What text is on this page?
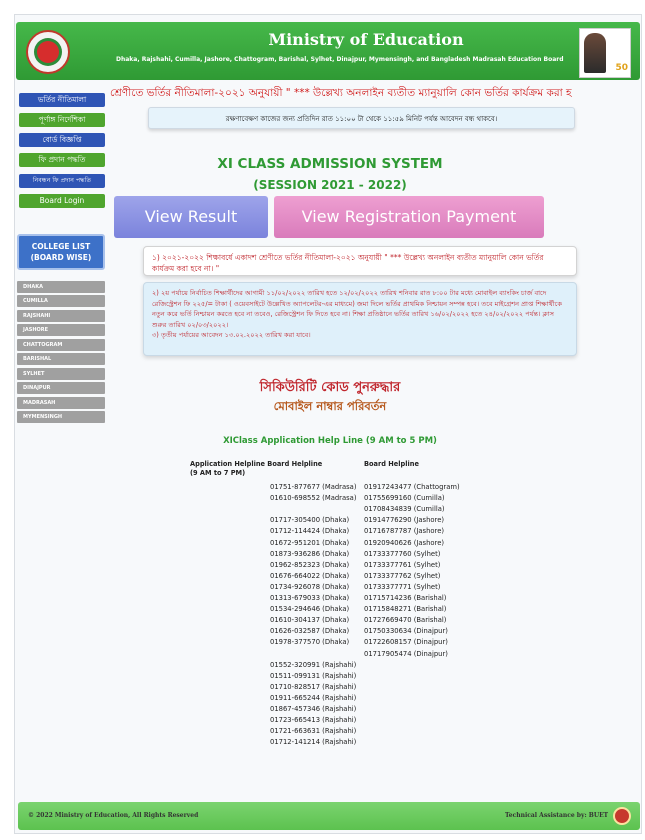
Ministry of Education
Dhaka, Rajshahi, Cumilla, Jashore, Chattogram, Barishal, Sylhet, Dinajpur, Mymensingh, and Bangladesh Madrasah Education Board
50
শ্রেণীতে ভর্তির নীতিমালা-২০২১ অনুযায়ী " *** উল্লেখ্য অনলাইন ব্যতীত ম্যানুয়ালি কোন ভর্তির কার্যক্রম করা হ
ভর্তির নীতিমালা
পূর্ণাঙ্গ নির্দেশিকা
বোর্ড বিজ্ঞপ্তি
ফি প্রদান পদ্ধতি
নিবন্ধন ফি প্রদান পদ্ধতি
Board Login
COLLEGE LIST
(BOARD WISE)
DHAKA
CUMILLA
RAJSHAHI
JASHORE
CHATTOGRAM
BARISHAL
SYLHET
DINAJPUR
MADRASAH
MYMENSINGH
রক্ষণাবেক্ষণ কাজের জন্য প্রতিদিন রাত ১১:০০ টা থেকে ১১:৫৯ মিনিট পর্যন্ত আবেদন বন্ধ থাকবে।
XI CLASS ADMISSION SYSTEM
(SESSION 2021 - 2022)
View Result	View Registration Payment
১) ২০২১-২০২২ শিক্ষাবর্ষে একাদশ শ্রেণীতে ভর্তির নীতিমালা-২০২১ অনুযায়ী " *** উল্লেখ্য অনলাইন ব্যতীত ম্যানুয়ালি কোন ভর্তির কার্যক্রম করা হবে না। "
২) ২য় পর্যায়ে নির্বাচিত শিক্ষার্থীদের আগামী ১১/০২/২০২২ তারিখ হতে ১২/০২/২০২২ তারিখ শনিবার রাত ৮:০০ টার মধ্যে মোবাইল ব্যাংকিং চার্জ বাদে রেজিস্ট্রেশন ফি ২২৫/= টাকা ( ওয়েবসাইটে উল্লেখিত অ্যাপলেটর-এর মাধ্যমে) জমা দিলে ভর্তির প্রাথমিক নিশ্চায়ন সম্পন্ন হবে। তবে মাইগ্রেশন প্রাপ্ত শিক্ষার্থীকে নতুন করে ভর্তি নিশ্চায়ন করতে হবে না তবেও, রেজিস্ট্রেশন ফি দিতে হবে না। শিক্ষা প্রতিষ্ঠানে ভর্তির তারিখ ১৬/০২/২০২২ হতে ২৪/০২/২০২২ পর্যন্ত। ক্লাস শুরুর তারিখ ০২/০৩/২০২২।
৩) তৃতীয় পর্যায়ের আবেদন ১৩.০২.২০২২ তারিখ করা যাবে।
সিকিউরিটি কোড পুনরুদ্ধার
মোবাইল নাম্বার পরিবর্তন
XIClass Application Help Line (9 AM to 5 PM)
Application Helpline Board Helpline
(9 AM to 7 PM)
Board Helpline
01751-877677 (Madrasa)
01610-698552 (Madrasa)
01717-305400 (Dhaka)
01712-114424 (Dhaka)
01672-951201 (Dhaka)
01873-936286 (Dhaka)
01962-852323 (Dhaka)
01676-664022 (Dhaka)
01734-926078 (Dhaka)
01313-679033 (Dhaka)
01534-294646 (Dhaka)
01610-304137 (Dhaka)
01626-032587 (Dhaka)
01978-377570 (Dhaka)
01552-320991 (Rajshahi)
01511-099131 (Rajshahi)
01710-828517 (Rajshahi)
01911-665244 (Rajshahi)
01867-457346 (Rajshahi)
01723-665413 (Rajshahi)
01721-663631 (Rajshahi)
01712-141214 (Rajshahi)
01917243477 (Chattogram)
01755699160 (Cumilla)
01708434839 (Cumilla)
01914776290 (Jashore)
01716787787 (Jashore)
01920940626 (Jashore)
01733377760 (Sylhet)
01733377761 (Sylhet)
01733377762 (Sylhet)
01733377771 (Sylhet)
01715714236 (Barishal)
01715848271 (Barishal)
01727669470 (Barishal)
01750330634 (Dinajpur)
01722608157 (Dinajpur)
01717905474 (Dinajpur)
© 2022 Ministry of Education, All Rights Reserved	Technical Assistance by: BUET
